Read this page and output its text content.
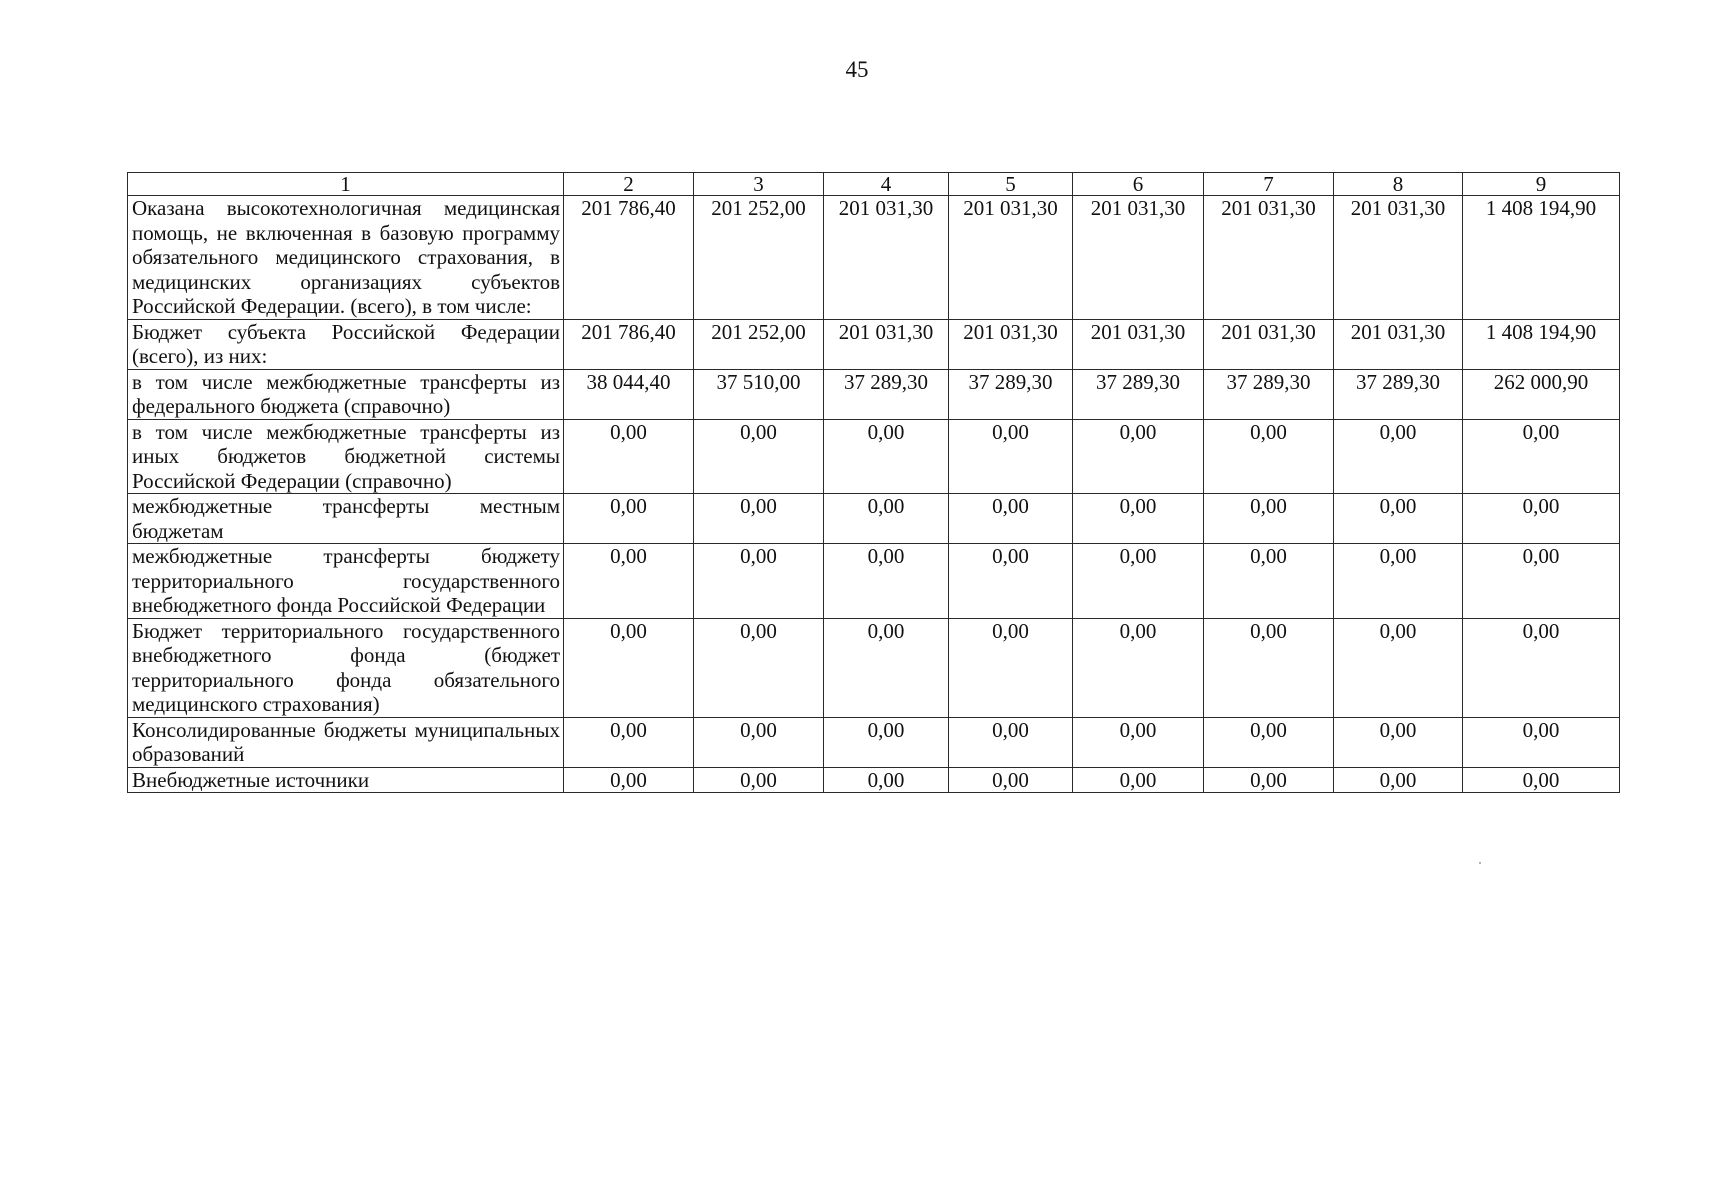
45
1	2	3	4	5	6	7	8	9
Оказана высокотехнологичная медицинская помощь, не включенная в базовую программу обязательного медицинского страхования, в медицинских организациях субъектов Российской Федерации. (всего), в том числе:	201 786,40	201 252,00	201 031,30	201 031,30	201 031,30	201 031,30	201 031,30	1 408 194,90
Бюджет субъекта Российской Федерации (всего), из них:	201 786,40	201 252,00	201 031,30	201 031,30	201 031,30	201 031,30	201 031,30	1 408 194,90
в том числе межбюджетные трансферты из федерального бюджета (справочно)	38 044,40	37 510,00	37 289,30	37 289,30	37 289,30	37 289,30	37 289,30	262 000,90
в том числе межбюджетные трансферты из иных бюджетов бюджетной системы Российской Федерации (справочно)	0,00	0,00	0,00	0,00	0,00	0,00	0,00	0,00
межбюджетные трансферты местным бюджетам	0,00	0,00	0,00	0,00	0,00	0,00	0,00	0,00
межбюджетные трансферты бюджету территориального государственного внебюджетного фонда Российской Федерации	0,00	0,00	0,00	0,00	0,00	0,00	0,00	0,00
Бюджет территориального государственного внебюджетного фонда (бюджет территориального фонда обязательного медицинского страхования)	0,00	0,00	0,00	0,00	0,00	0,00	0,00	0,00
Консолидированные бюджеты муниципальных образований	0,00	0,00	0,00	0,00	0,00	0,00	0,00	0,00
Внебюджетные источники	0,00	0,00	0,00	0,00	0,00	0,00	0,00	0,00
